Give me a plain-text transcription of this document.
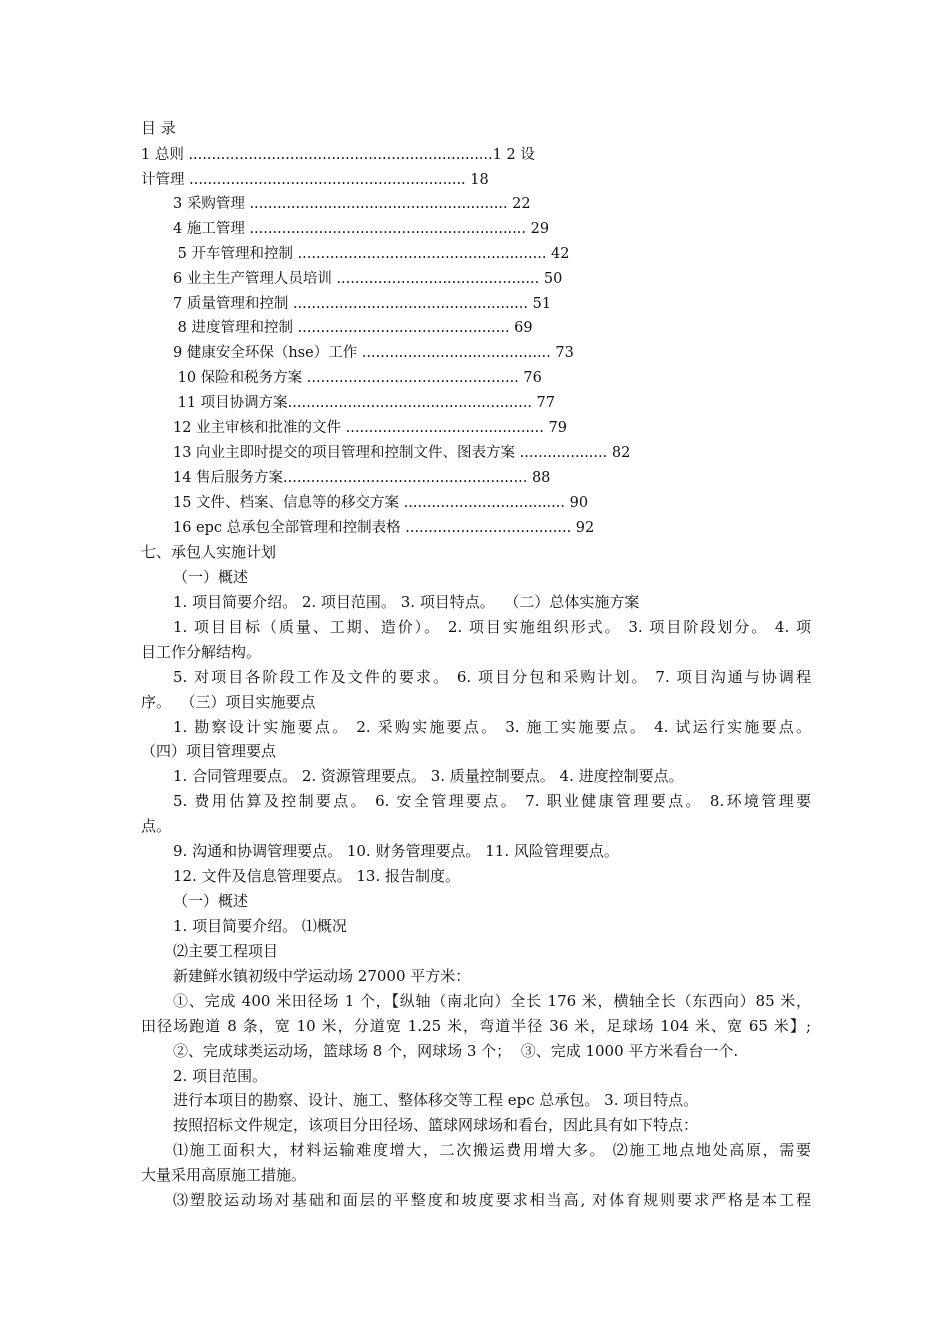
目 录
1 总则 ..................................................................1 2 设
计管理 ............................................................ 18
3 采购管理 ........................................................ 22
4 施工管理 ............................................................ 29
5 开车管理和控制 ...................................................... 42
6 业主生产管理人员培训 ............................................ 50
7 质量管理和控制 ................................................... 51
8 进度管理和控制 .............................................. 69
9 健康安全环保（hse）工作 ......................................... 73
10 保险和税务方案 .............................................. 76
11 项目协调方案..................................................... 77
12 业主审核和批准的文件 ........................................... 79
13 向业主即时提交的项目管理和控制文件、图表方案 ................... 82
14 售后服务方案..................................................... 88
15 文件、档案、信息等的移交方案 ................................... 90
16 epc 总承包全部管理和控制表格 .................................... 92
七、承包人实施计划
（一）概述
1. 项目简要介绍。 2. 项目范围。 3. 项目特点。  （二）总体实施方案
1. 项目目标（质量、工期、造价）。 2. 项目实施组织形式。 3. 项目阶段划分。 4. 项
目工作分解结构。
5. 对项目各阶段工作及文件的要求。 6. 项目分包和采购计划。 7. 项目沟通与协调程
序。  （三）项目实施要点
1. 勘察设计实施要点。 2. 采购实施要点。 3. 施工实施要点。 4. 试运行实施要点。
（四）项目管理要点
1. 合同管理要点。 2. 资源管理要点。 3. 质量控制要点。 4. 进度控制要点。
5. 费用估算及控制要点。 6. 安全管理要点。 7. 职业健康管理要点。 8.环境管理要
点。
9. 沟通和协调管理要点。 10. 财务管理要点。 11. 风险管理要点。
12. 文件及信息管理要点。 13. 报告制度。
（一）概述
1. 项目简要介绍。 ⑴概况
⑵主要工程项目
新建鲜水镇初级中学运动场 27000 平方米：
①、完成 400 米田径场 1 个，【纵轴（南北向）全长 176 米，横轴全长（东西向）85 米，
田径场跑道 8 条，宽 10 米，分道宽 1.25 米，弯道半径 36 米，足球场 104 米、宽 65 米】;
②、完成球类运动场，篮球场 8 个，网球场 3 个；  ③、完成 1000 平方米看台一个.
2. 项目范围。
进行本项目的勘察、设计、施工、整体移交等工程 epc 总承包。 3. 项目特点。
按照招标文件规定，该项目分田径场、篮球网球场和看台，因此具有如下特点：
⑴施工面积大，材料运输难度增大，二次搬运费用增大多。 ⑵施工地点地处高原，需要
大量采用高原施工措施。
⑶塑胶运动场对基础和面层的平整度和坡度要求相当高, 对体育规则要求严格是本工程
